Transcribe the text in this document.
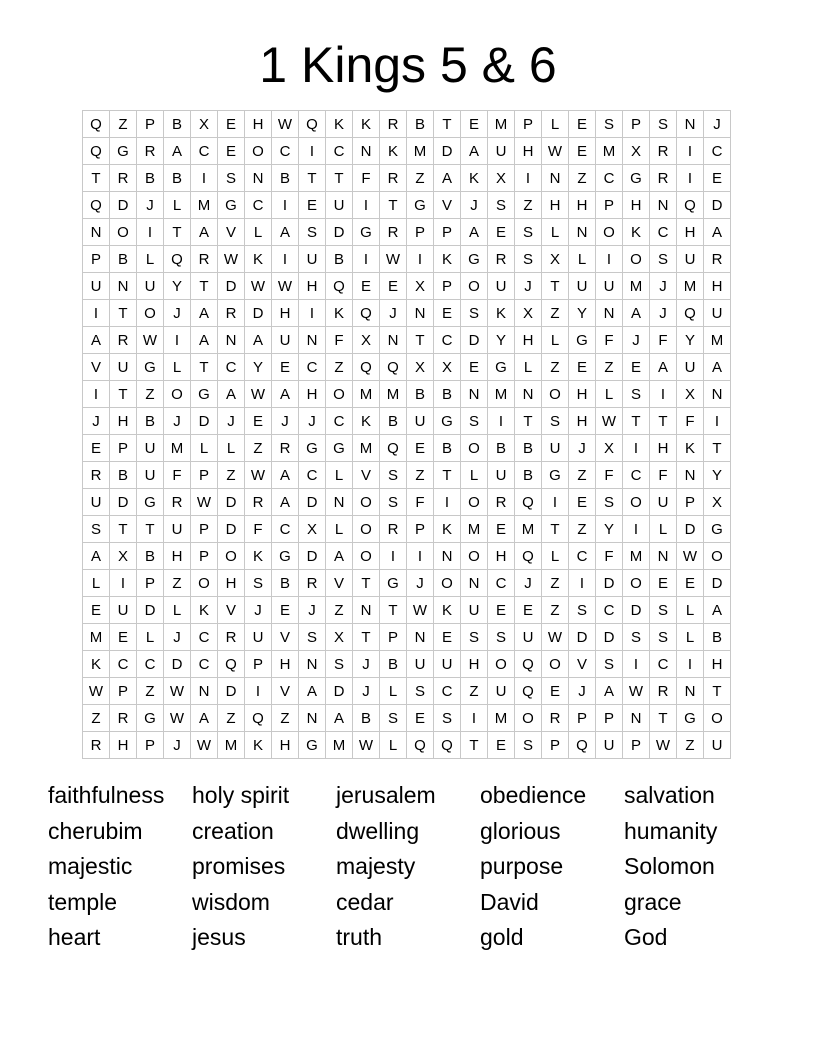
1 Kings 5 & 6
Q	Z	P	B	X	E	H	W	Q	K	K	R	B	T	E	M	P	L	E	S	P	S	N	J
Q	G	R	A	C	E	O	C	I	C	N	K	M	D	A	U	H	W	E	M	X	R	I	C
T	R	B	B	I	S	N	B	T	T	F	R	Z	A	K	X	I	N	Z	C	G	R	I	E
Q	D	J	L	M	G	C	I	E	U	I	T	G	V	J	S	Z	H	H	P	H	N	Q	D
N	O	I	T	A	V	L	A	S	D	G	R	P	P	A	E	S	L	N	O	K	C	H	A
P	B	L	Q	R	W	K	I	U	B	I	W	I	K	G	R	S	X	L	I	O	S	U	R
U	N	U	Y	T	D	W	W	H	Q	E	E	X	P	O	U	J	T	U	U	M	J	M	H
I	T	O	J	A	R	D	H	I	K	Q	J	N	E	S	K	X	Z	Y	N	A	J	Q	U
A	R	W	I	A	N	A	U	N	F	X	N	T	C	D	Y	H	L	G	F	J	F	Y	M
V	U	G	L	T	C	Y	E	C	Z	Q	Q	X	X	E	G	L	Z	E	Z	E	A	U	A
I	T	Z	O	G	A	W	A	H	O	M	M	B	B	N	M	N	O	H	L	S	I	X	N
J	H	B	J	D	J	E	J	J	C	K	B	U	G	S	I	T	S	H	W	T	T	F	I
E	P	U	M	L	L	Z	R	G	G	M	Q	E	B	O	B	B	U	J	X	I	H	K	T
R	B	U	F	P	Z	W	A	C	L	V	S	Z	T	L	U	B	G	Z	F	C	F	N	Y
U	D	G	R	W	D	R	A	D	N	O	S	F	I	O	R	Q	I	E	S	O	U	P	X
S	T	T	U	P	D	F	C	X	L	O	R	P	K	M	E	M	T	Z	Y	I	L	D	G
A	X	B	H	P	O	K	G	D	A	O	I	I	N	O	H	Q	L	C	F	M	N	W	O
L	I	P	Z	O	H	S	B	R	V	T	G	J	O	N	C	J	Z	I	D	O	E	E	D
E	U	D	L	K	V	J	E	J	Z	N	T	W	K	U	E	E	Z	S	C	D	S	L	A
M	E	L	J	C	R	U	V	S	X	T	P	N	E	S	S	U	W	D	D	S	S	L	B
K	C	C	D	C	Q	P	H	N	S	J	B	U	U	H	O	Q	O	V	S	I	C	I	H
W	P	Z	W	N	D	I	V	A	D	J	L	S	C	Z	U	Q	E	J	A	W	R	N	T
Z	R	G	W	A	Z	Q	Z	N	A	B	S	E	S	I	M	O	R	P	P	N	T	G	O
R	H	P	J	W	M	K	H	G	M	W	L	Q	Q	T	E	S	P	Q	U	P	W	Z	U
faithfulness	holy spirit	jerusalem	obedience	salvation
cherubim	creation	dwelling	glorious	humanity
majestic	promises	majesty	purpose	Solomon
temple	wisdom	cedar	David	grace
heart	jesus	truth	gold	God
